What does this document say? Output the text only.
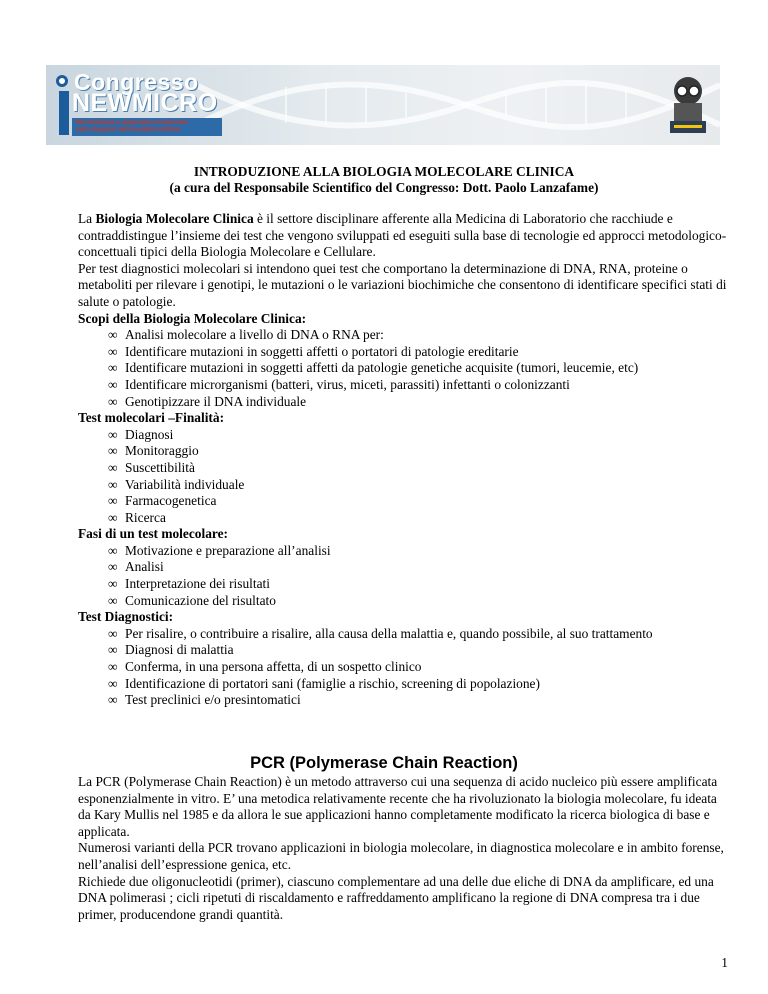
Congresso
NEWMICRO
Microbiologia e diagnostica molecolare nella diagnosi delle malattie infettive
INTRODUZIONE ALLA BIOLOGIA MOLECOLARE CLINICA
(a cura del Responsabile Scientifico del Congresso: Dott. Paolo Lanzafame)

La Biologia Molecolare Clinica è il settore disciplinare afferente alla Medicina di Laboratorio che racchiude e contraddistingue l’insieme dei test che vengono sviluppati ed eseguiti sulla base di tecnologie ed approcci metodologico-concettuali tipici della Biologia Molecolare e Cellulare.

Per test diagnostici molecolari si intendono quei test che comportano la determinazione di DNA, RNA, proteine o metaboliti per rilevare i genotipi, le mutazioni o le variazioni biochimiche che consentono di identificare specifici stati di salute o patologie.

Scopi della Biologia Molecolare Clinica:

∞ Analisi molecolare a livello di DNA o RNA per:
∞ Identificare mutazioni in soggetti affetti o portatori di patologie ereditarie
∞ Identificare mutazioni in soggetti affetti da patologie genetiche acquisite (tumori, leucemie, etc)
∞ Identificare microrganismi (batteri, virus, miceti, parassiti) infettanti o colonizzanti
∞ Genotipizzare il DNA individuale

Test molecolari –Finalità:

∞ Diagnosi
∞ Monitoraggio
∞ Suscettibilità
∞ Variabilità individuale
∞ Farmacogenetica
∞ Ricerca

Fasi di un test molecolare:

∞ Motivazione e preparazione all’analisi
∞ Analisi
∞ Interpretazione dei risultati
∞ Comunicazione del risultato

Test Diagnostici:

∞ Per risalire, o contribuire a risalire, alla causa della malattia e, quando possibile, al suo trattamento
∞ Diagnosi di malattia
∞ Conferma, in una persona affetta, di un sospetto clinico
∞ Identificazione di portatori sani (famiglie a rischio, screening di popolazione)
∞ Test preclinici e/o presintomatici
PCR (Polymerase Chain Reaction)

La PCR (Polymerase Chain Reaction) è un metodo attraverso cui una sequenza di acido nucleico più essere amplificata esponenzialmente in vitro. E’ una metodica relativamente recente che ha rivoluzionato la biologia molecolare, fu ideata da Kary Mullis nel 1985 e da allora le sue applicazioni hanno completamente modificato la ricerca biologica di base e applicata.

Numerosi varianti della PCR trovano applicazioni in biologia molecolare, in diagnostica molecolare e in ambito forense, nell’analisi dell’espressione genica, etc.

Richiede due oligonucleotidi (primer), ciascuno complementare ad una delle due eliche di DNA da amplificare, ed una DNA polimerasi ; cicli ripetuti di riscaldamento e raffreddamento amplificano la regione di DNA compresa tra i due primer, producendone grandi quantità.

1
